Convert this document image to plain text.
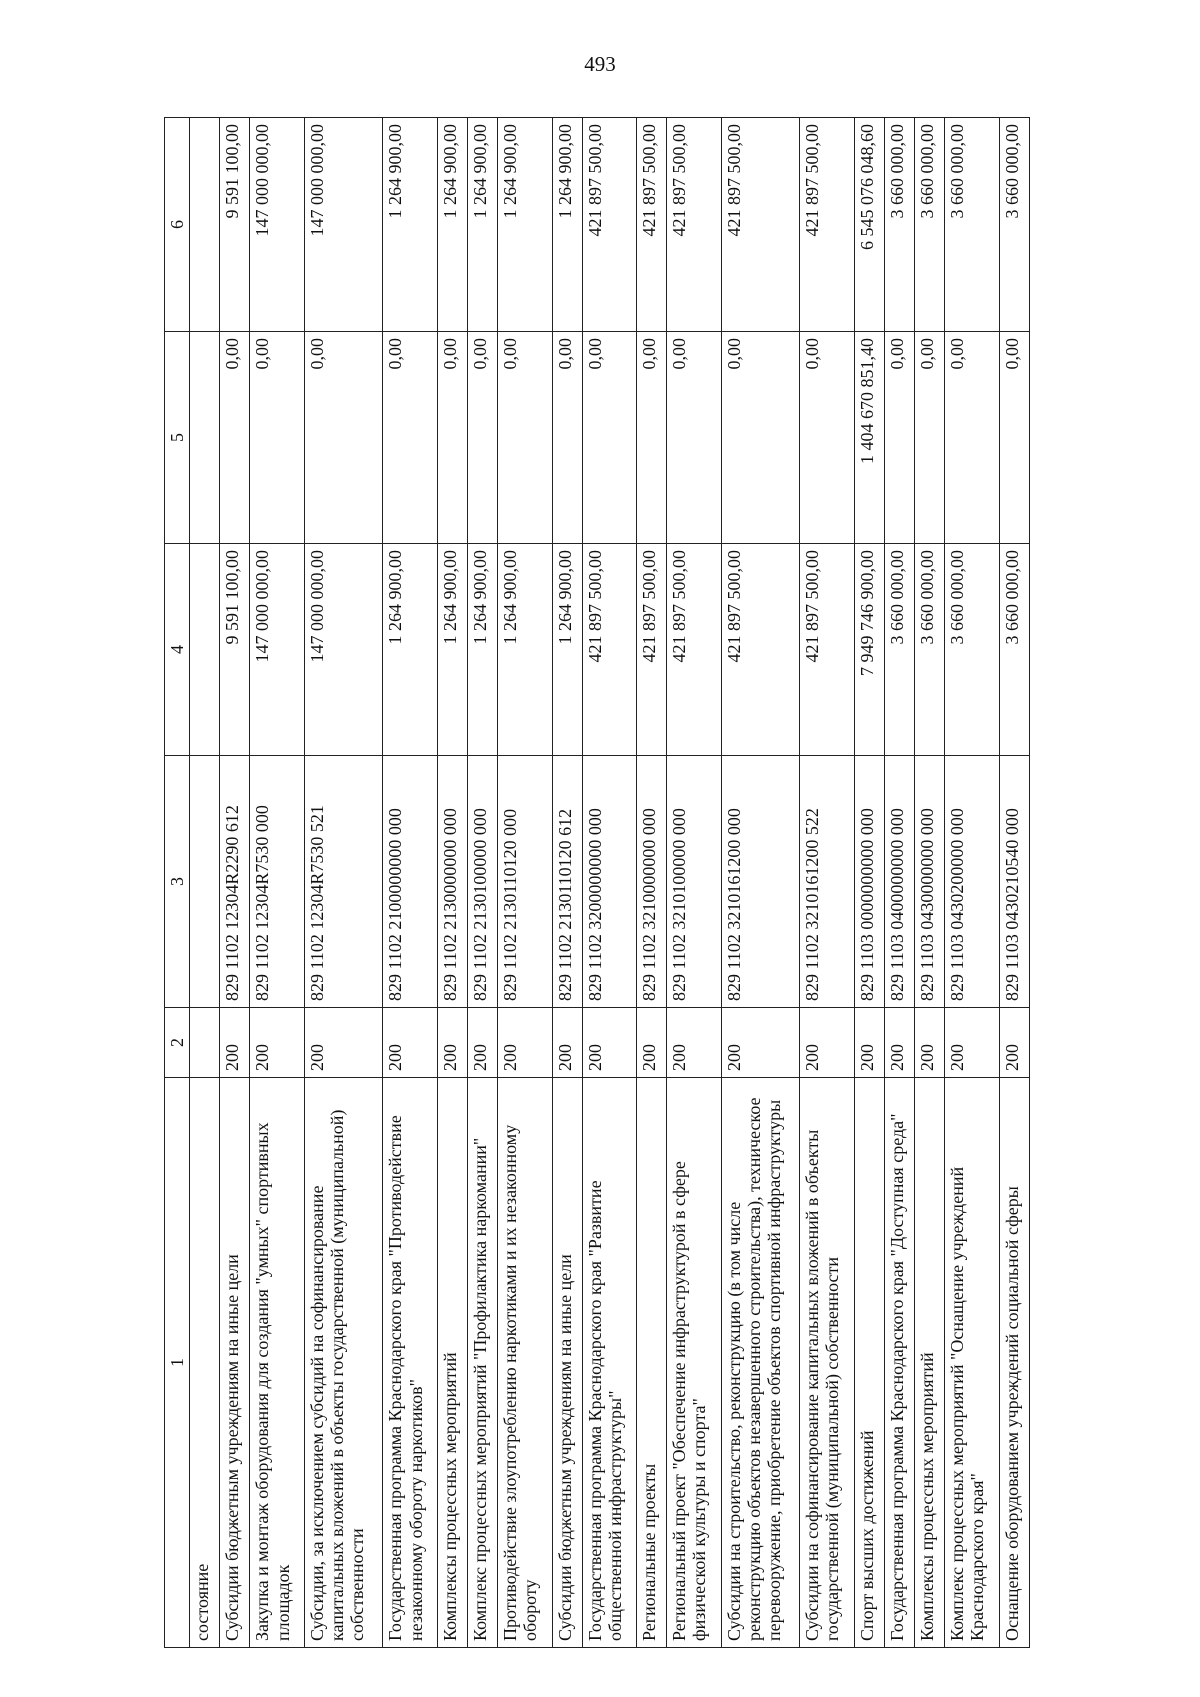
493
1	2	3	4	5	6
состояние					
Субсидии бюджетным учреждениям на иные цели	200	829 1102 12304R2290 612	9 591 100,00	0,00	9 591 100,00
Закупка и монтаж оборудования для создания "умных" спортивных площадок	200	829 1102 12304R7530 000	147 000 000,00	0,00	147 000 000,00
Субсидии, за исключением субсидий на софинансирование капитальных вложений в объекты государственной (муниципальной) собственности	200	829 1102 12304R7530 521	147 000 000,00	0,00	147 000 000,00
Государственная программа Краснодарского края "Противодействие незаконному обороту наркотиков"	200	829 1102 2100000000 000	1 264 900,00	0,00	1 264 900,00
Комплексы процессных мероприятий	200	829 1102 2130000000 000	1 264 900,00	0,00	1 264 900,00
Комплекс процессных мероприятий "Профилактика наркомании"	200	829 1102 2130100000 000	1 264 900,00	0,00	1 264 900,00
Противодействие злоупотреблению наркотиками и их незаконному обороту	200	829 1102 2130110120 000	1 264 900,00	0,00	1 264 900,00
Субсидии бюджетным учреждениям на иные цели	200	829 1102 2130110120 612	1 264 900,00	0,00	1 264 900,00
Государственная программа Краснодарского края "Развитие общественной инфраструктуры"	200	829 1102 3200000000 000	421 897 500,00	0,00	421 897 500,00
Региональные проекты	200	829 1102 3210000000 000	421 897 500,00	0,00	421 897 500,00
Региональный проект "Обеспечение инфраструктурой в сфере физической культуры и спорта"	200	829 1102 3210100000 000	421 897 500,00	0,00	421 897 500,00
Субсидии на строительство, реконструкцию (в том числе реконструкцию объектов незавершенного строительства), техническое перевооружение, приобретение объектов спортивной инфраструктуры	200	829 1102 3210161200 000	421 897 500,00	0,00	421 897 500,00
Субсидии на софинансирование капитальных вложений в объекты государственной (муниципальной) собственности	200	829 1102 3210161200 522	421 897 500,00	0,00	421 897 500,00
Спорт высших достижений	200	829 1103 0000000000 000	7 949 746 900,00	1 404 670 851,40	6 545 076 048,60
Государственная программа Краснодарского края "Доступная среда"	200	829 1103 0400000000 000	3 660 000,00	0,00	3 660 000,00
Комплексы процессных мероприятий	200	829 1103 0430000000 000	3 660 000,00	0,00	3 660 000,00
Комплекс процессных мероприятий "Оснащение учреждений Краснодарского края"	200	829 1103 0430200000 000	3 660 000,00	0,00	3 660 000,00
Оснащение оборудованием учреждений социальной сферы	200	829 1103 0430210540 000	3 660 000,00	0,00	3 660 000,00
